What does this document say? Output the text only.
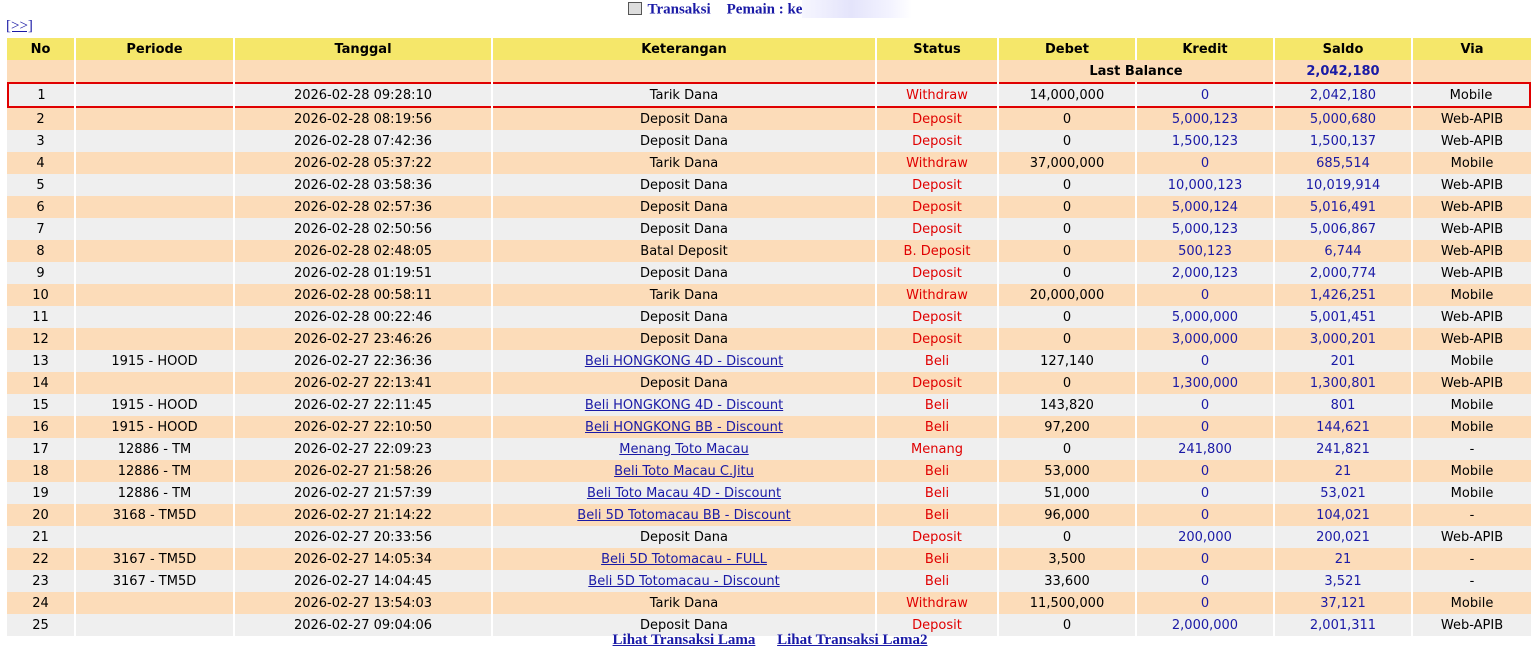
Transaksi Pemain : ke
[>>]
No	Periode	Tanggal	Keterangan	Status	Debet	Kredit	Saldo	Via
					Last Balance		2,042,180	
1		2026-02-28 09:28:10	Tarik Dana	Withdraw	14,000,000	0	2,042,180	Mobile
2		2026-02-28 08:19:56	Deposit Dana	Deposit	0	5,000,123	5,000,680	Web-APIB
3		2026-02-28 07:42:36	Deposit Dana	Deposit	0	1,500,123	1,500,137	Web-APIB
4		2026-02-28 05:37:22	Tarik Dana	Withdraw	37,000,000	0	685,514	Mobile
5		2026-02-28 03:58:36	Deposit Dana	Deposit	0	10,000,123	10,019,914	Web-APIB
6		2026-02-28 02:57:36	Deposit Dana	Deposit	0	5,000,124	5,016,491	Web-APIB
7		2026-02-28 02:50:56	Deposit Dana	Deposit	0	5,000,123	5,006,867	Web-APIB
8		2026-02-28 02:48:05	Batal Deposit	B. Deposit	0	500,123	6,744	Web-APIB
9		2026-02-28 01:19:51	Deposit Dana	Deposit	0	2,000,123	2,000,774	Web-APIB
10		2026-02-28 00:58:11	Tarik Dana	Withdraw	20,000,000	0	1,426,251	Mobile
11		2026-02-28 00:22:46	Deposit Dana	Deposit	0	5,000,000	5,001,451	Web-APIB
12		2026-02-27 23:46:26	Deposit Dana	Deposit	0	3,000,000	3,000,201	Web-APIB
13	1915 - HOOD	2026-02-27 22:36:36	Beli HONGKONG 4D - Discount	Beli	127,140	0	201	Mobile
14		2026-02-27 22:13:41	Deposit Dana	Deposit	0	1,300,000	1,300,801	Web-APIB
15	1915 - HOOD	2026-02-27 22:11:45	Beli HONGKONG 4D - Discount	Beli	143,820	0	801	Mobile
16	1915 - HOOD	2026-02-27 22:10:50	Beli HONGKONG BB - Discount	Beli	97,200	0	144,621	Mobile
17	12886 - TM	2026-02-27 22:09:23	Menang Toto Macau	Menang	0	241,800	241,821	-
18	12886 - TM	2026-02-27 21:58:26	Beli Toto Macau C.Jitu	Beli	53,000	0	21	Mobile
19	12886 - TM	2026-02-27 21:57:39	Beli Toto Macau 4D - Discount	Beli	51,000	0	53,021	Mobile
20	3168 - TM5D	2026-02-27 21:14:22	Beli 5D Totomacau BB - Discount	Beli	96,000	0	104,021	-
21		2026-02-27 20:33:56	Deposit Dana	Deposit	0	200,000	200,021	Web-APIB
22	3167 - TM5D	2026-02-27 14:05:34	Beli 5D Totomacau - FULL	Beli	3,500	0	21	-
23	3167 - TM5D	2026-02-27 14:04:45	Beli 5D Totomacau - Discount	Beli	33,600	0	3,521	-
24		2026-02-27 13:54:03	Tarik Dana	Withdraw	11,500,000	0	37,121	Mobile
25		2026-02-27 09:04:06	Deposit Dana	Deposit	0	2,000,000	2,001,311	Web-APIB
Lihat Transaksi Lama Lihat Transaksi Lama2
